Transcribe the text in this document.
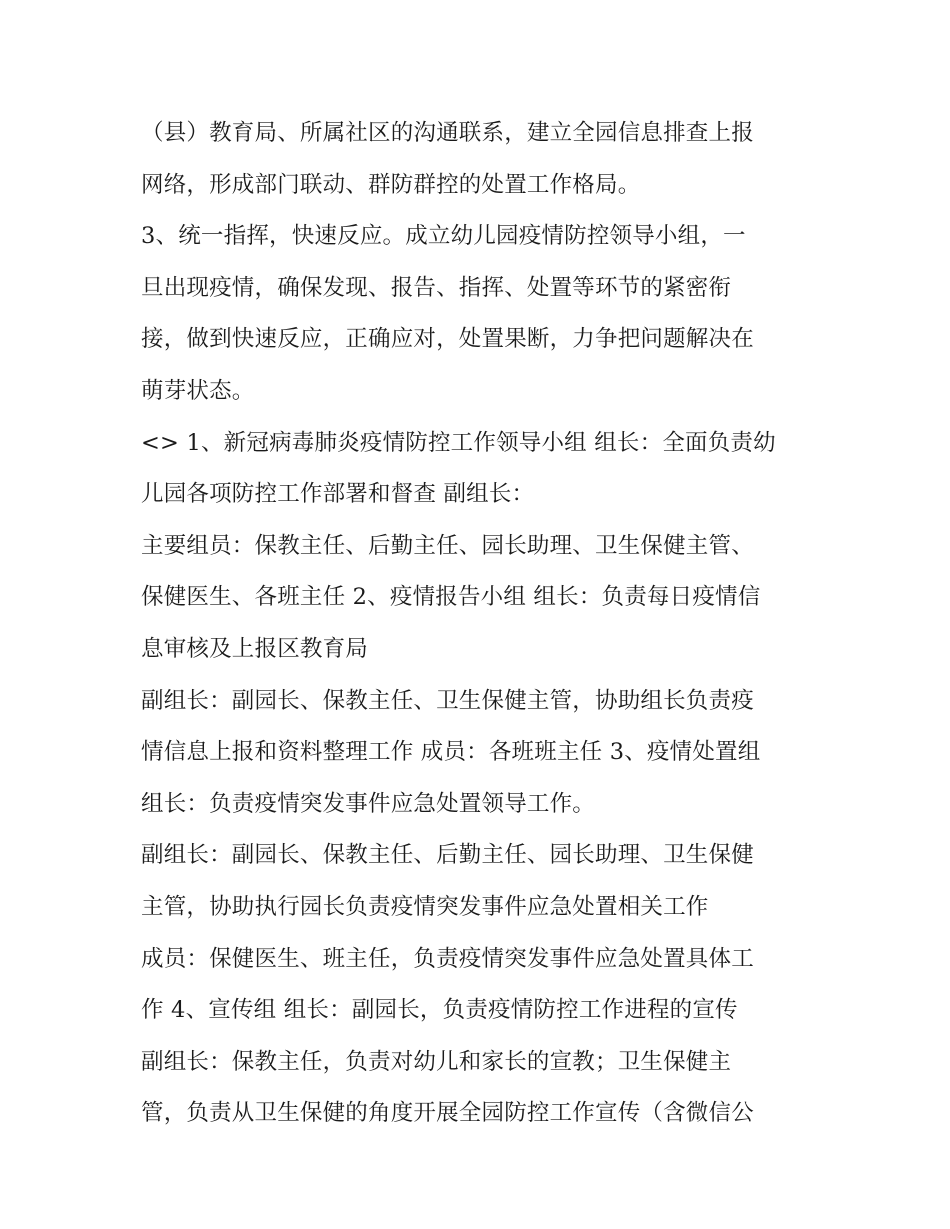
（县）教育局、所属社区的沟通联系，建立全园信息排查上报
网络，形成部门联动、群防群控的处置工作格局。
3、统一指挥，快速反应。成立幼儿园疫情防控领导小组，一
旦出现疫情，确保发现、报告、指挥、处置等环节的紧密衔
接，做到快速反应，正确应对，处置果断，力争把问题解决在
萌芽状态。
<> 1、新冠病毒肺炎疫情防控工作领导小组 组长：全面负责幼
儿园各项防控工作部署和督查 副组长：
主要组员：保教主任、后勤主任、园长助理、卫生保健主管、
保健医生、各班主任 2、疫情报告小组 组长：负责每日疫情信
息审核及上报区教育局
副组长：副园长、保教主任、卫生保健主管，协助组长负责疫
情信息上报和资料整理工作 成员：各班班主任 3、疫情处置组
组长：负责疫情突发事件应急处置领导工作。
副组长：副园长、保教主任、后勤主任、园长助理、卫生保健
主管，协助执行园长负责疫情突发事件应急处置相关工作
成员：保健医生、班主任，负责疫情突发事件应急处置具体工
作 4、宣传组 组长：副园长，负责疫情防控工作进程的宣传
副组长：保教主任，负责对幼儿和家长的宣教；卫生保健主
管，负责从卫生保健的角度开展全园防控工作宣传（含微信公
